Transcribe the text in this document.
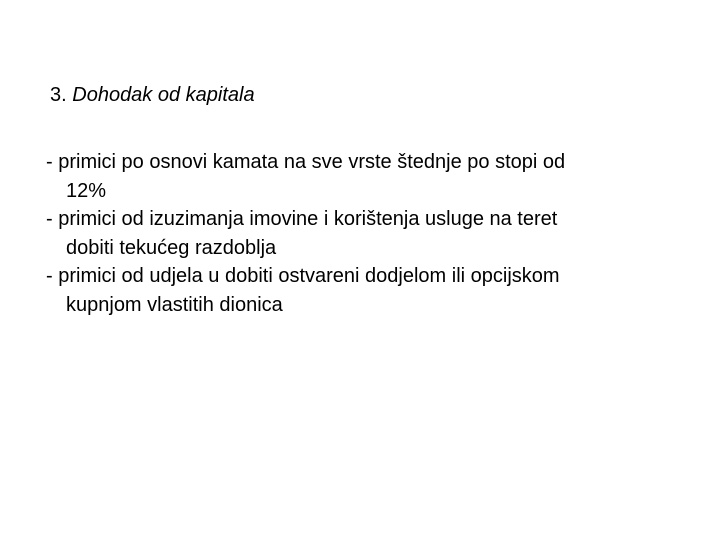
3. Dohodak od kapitala
- primici po osnovi kamata na sve vrste štednje po stopi od
12%
- primici od izuzimanja imovine i korištenja usluge na teret
dobiti tekućeg razdoblja
- primici od udjela u dobiti ostvareni dodjelom ili opcijskom
kupnjom vlastitih dionica
